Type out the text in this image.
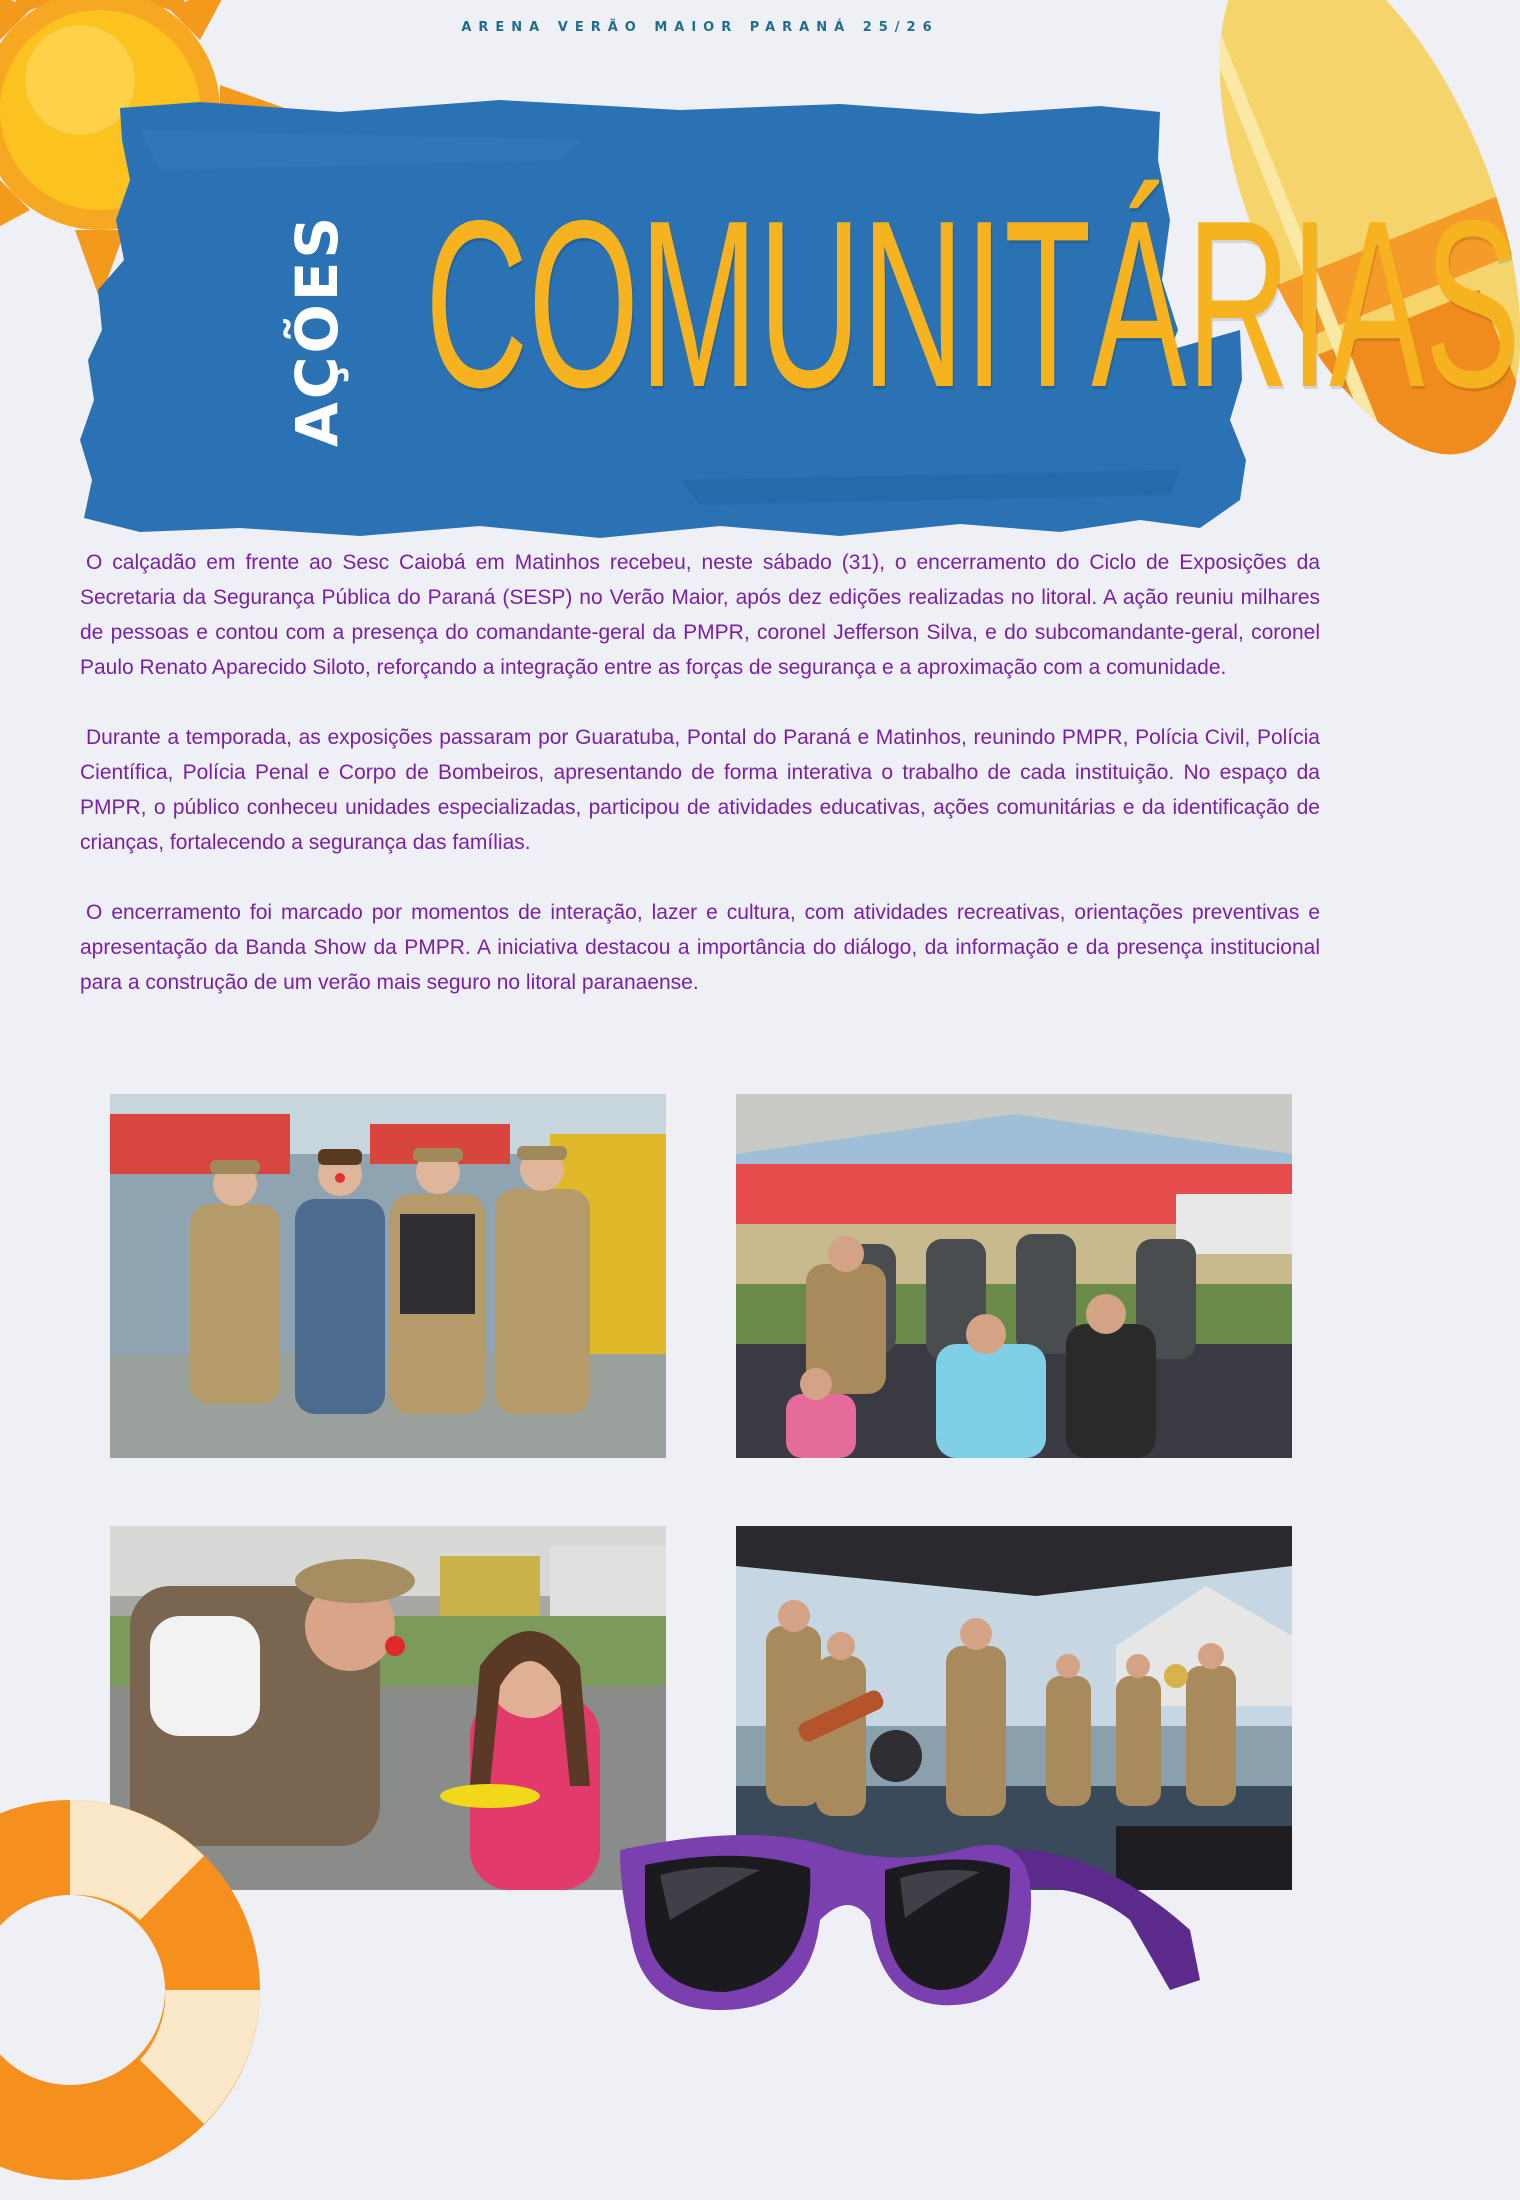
ARENA VERÃO MAIOR PARANÁ 25/26
AÇÕES COMUNITÁRIAS

O calçadão em frente ao Sesc Caiobá em Matinhos recebeu, neste sábado (31), o encerramento do Ciclo de Exposições da Secretaria da Segurança Pública do Paraná (SESP) no Verão Maior, após dez edições realizadas no litoral. A ação reuniu milhares de pessoas e contou com a presença do comandante-geral da PMPR, coronel Jefferson Silva, e do subcomandante-geral, coronel Paulo Renato Aparecido Siloto, reforçando a integração entre as forças de segurança e a aproximação com a comunidade.

Durante a temporada, as exposições passaram por Guaratuba, Pontal do Paraná e Matinhos, reunindo PMPR, Polícia Civil, Polícia Científica, Polícia Penal e Corpo de Bombeiros, apresentando de forma interativa o trabalho de cada instituição. No espaço da PMPR, o público conheceu unidades especializadas, participou de atividades educativas, ações comunitárias e da identificação de crianças, fortalecendo a segurança das famílias.

O encerramento foi marcado por momentos de interação, lazer e cultura, com atividades recreativas, orientações preventivas e apresentação da Banda Show da PMPR. A iniciativa destacou a importância do diálogo, da informação e da presença institucional para a construção de um verão mais seguro no litoral paranaense.
